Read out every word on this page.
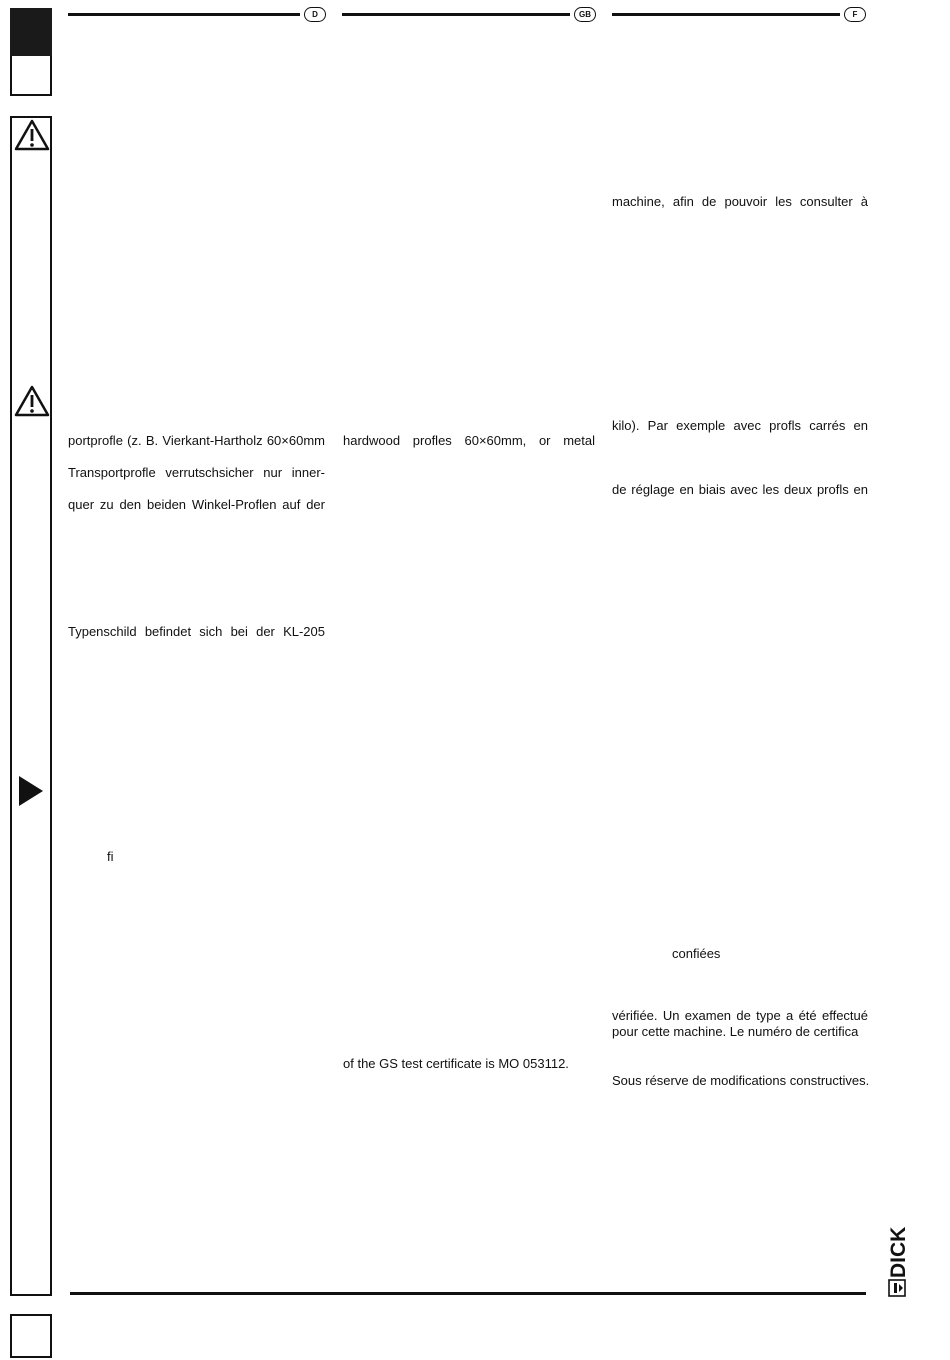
D	GB	F
portprofle (z. B. Vierkant-Hartholz 60×60mm
Transportprofle verrutschsicher nur inner-
quer zu den beiden Winkel-Proflen auf der
Typenschild befindet sich bei der KL-205
fi
hardwood profles 60×60mm, or metal
of the GS test certificate is MO 053112.
machine, afin de pouvoir les consulter à
kilo). Par exemple avec profls carrés en
de réglage en biais avec les deux profls en
confiées
vérifiée. Un examen de type a été effectué
pour cette machine. Le numéro de certifica
Sous réserve de modifications constructives.
DICK
